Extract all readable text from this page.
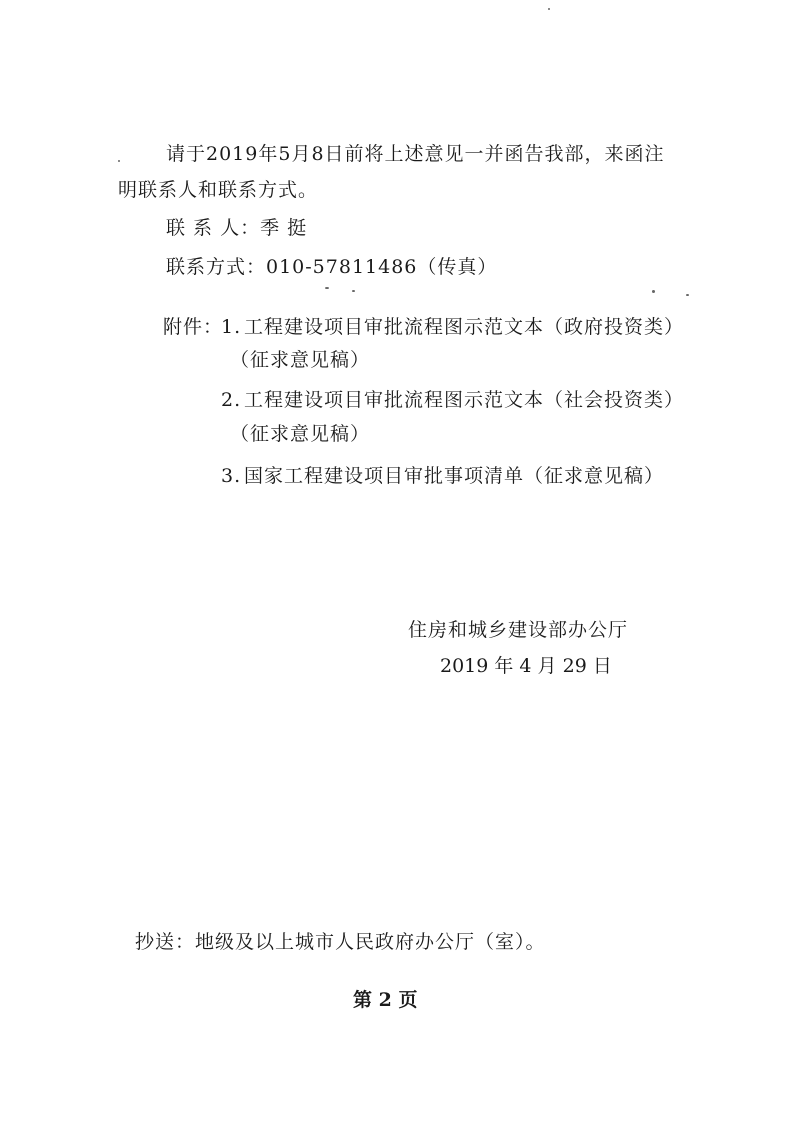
请于2019年5月8日前将上述意见一并函告我部，来函注
明联系人和联系方式。
联 系 人：季 挺
联系方式：010-57811486（传真）
附件：
1. 工程建设项目审批流程图示范文本（政府投资类）
（征求意见稿）
2. 工程建设项目审批流程图示范文本（社会投资类）
（征求意见稿）
3. 国家工程建设项目审批事项清单（征求意见稿）
住房和城乡建设部办公厅
2019 年 4 月 29 日
抄送：地级及以上城市人民政府办公厅（室）。
第 2 页
